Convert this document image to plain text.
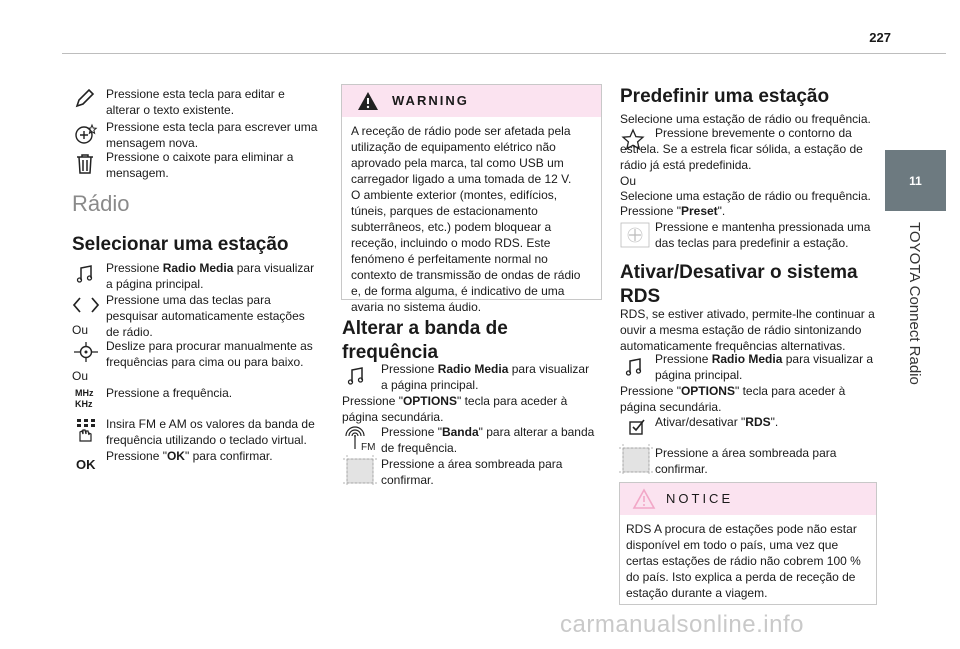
227
11
TOYOTA Connect Radio
Pressione esta tecla para editar e alterar o texto existente.
Pressione esta tecla para escrever uma mensagem nova.
Pressione o caixote para eliminar a mensagem.
Rádio
Selecionar uma estação
Pressione Radio Media para visualizar a página principal.
Pressione uma das teclas para pesquisar automaticamente estações de rádio.
Ou
Deslize para procurar manualmente as frequências para cima ou para baixo.
Ou
MHz
KHz
Pressione a frequência.
Insira FM e AM os valores da banda de frequência utilizando o teclado virtual.
OK
Pressione "OK" para confirmar.
WARNING
A receção de rádio pode ser afetada pela utilização de equipamento elétrico não aprovado pela marca, tal como USB um carregador ligado a uma tomada de 12 V.
O ambiente exterior (montes, edifícios, túneis, parques de estacionamento subterrâneos, etc.) podem bloquear a receção, incluindo o modo RDS. Este fenómeno é perfeitamente normal no contexto de transmissão de ondas de rádio e, de forma alguma, é indicativo de uma avaria no sistema áudio.
Alterar a banda de frequência
Pressione Radio Media para visualizar a página principal.
Pressione "OPTIONS" tecla para aceder à página secundária.
FM
Pressione "Banda" para alterar a banda de frequência.
Pressione a área sombreada para confirmar.
Predefinir uma estação
Selecione uma estação de rádio ou frequência.
Pressione brevemente o contorno da estrela. Se a estrela ficar sólida, a estação de rádio já está predefinida.
Ou
Selecione uma estação de rádio ou frequência.
Pressione "Preset".
Pressione e mantenha pressionada uma das teclas para predefinir a estação.
Ativar/Desativar o sistema RDS
RDS, se estiver ativado, permite-lhe continuar a ouvir a mesma estação de rádio sintonizando automaticamente frequências alternativas.
Pressione Radio Media para visualizar a página principal.
Pressione "OPTIONS" tecla para aceder à página secundária.
Ativar/desativar "RDS".
Pressione a área sombreada para confirmar.
NOTICE
RDS A procura de estações pode não estar disponível em todo o país, uma vez que certas estações de rádio não cobrem 100 % do país. Isto explica a perda de receção de estação durante a viagem.
carmanualsonline.info
